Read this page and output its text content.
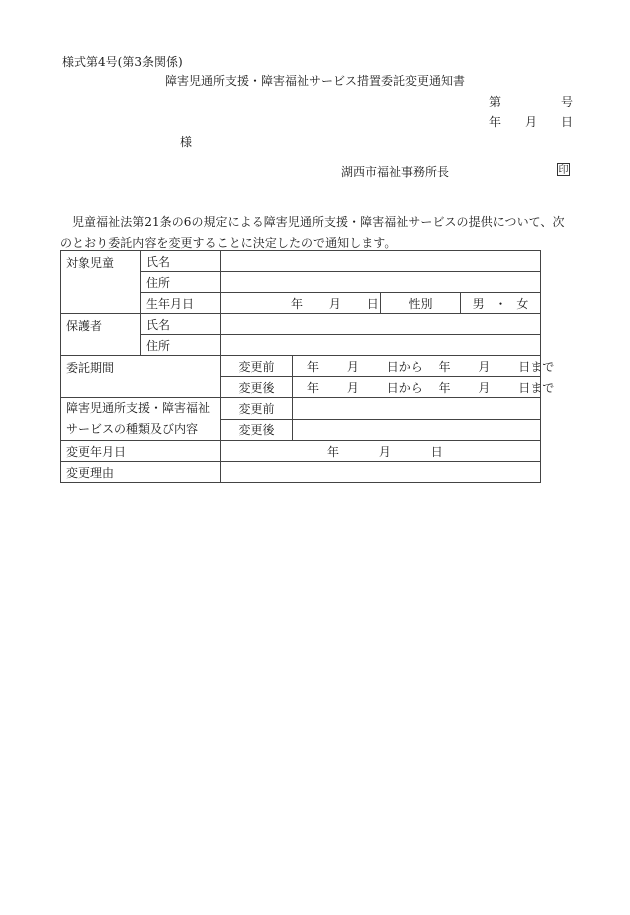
様式第4号(第3条関係)
障害児通所支援・障害福祉サービス措置委託変更通知書
第	号
年 月 日
様
湖西市福祉事務所長	印
児童福祉法第21条の6の規定による障害児通所支援・障害福祉サービスの提供について、次のとおり委託内容を変更することに決定したので通知します。
対象児童	氏名				
	住所				
	生年月日	年 月 日		性別	男 ・ 女
保護者	氏名				
	住所				
委託期間		変更前	年 月 日から 年 月 日まで		
		変更後	年 月 日から 年 月 日まで		
障害児通所支援・障害福祉サービスの種類及び内容		変更前			
		変更後			
変更年月日		年 月 日			
変更理由					
